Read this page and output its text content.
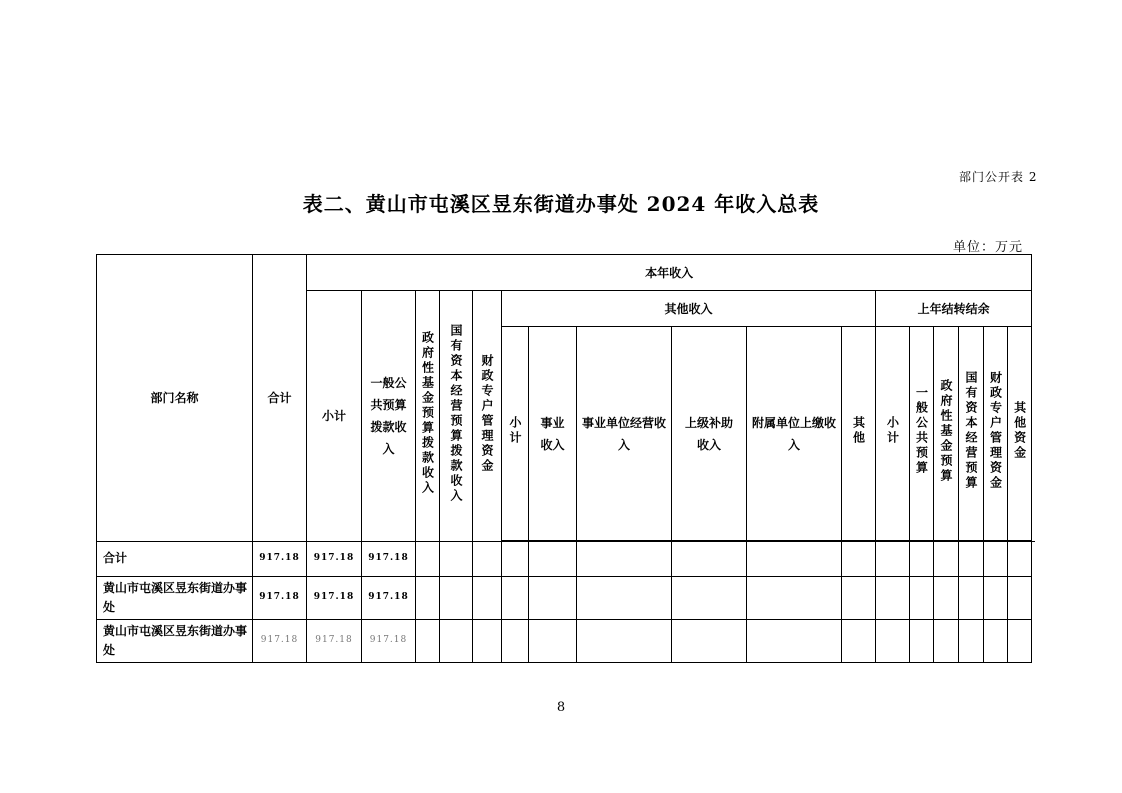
部门公开表 2
表二、黄山市屯溪区昱东街道办事处 2024 年收入总表
单位：万元
部门名称	合计	本年收入																
		小计	一般公共预算拨款收入	政府性基金预算拨款收入	国有资本经营预算拨款收入	财政专户管理资金	其他收入						上年结转结余					
							小计	事业收入	事业单位经营收入	上级补助收入	附属单位上缴收入	其他	小计	一般公共预算	政府性基金预算	国有资本经营预算	财政专户管理资金	其他资金

合计	917.18	917.18	917.18															
黄山市屯溪区昱东街道办事处	917.18	917.18	917.18															
黄山市屯溪区昱东街道办事处	917.18	917.18	917.18															
8
